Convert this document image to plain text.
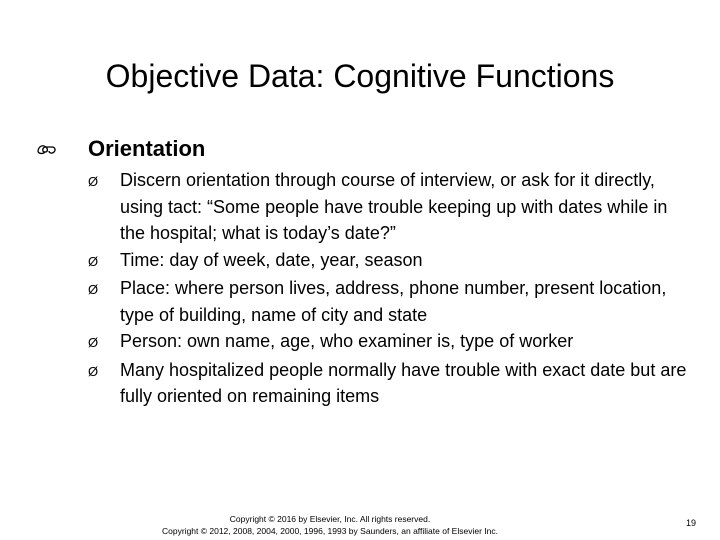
Objective Data: Cognitive Functions
Orientation
Ø	Discern orientation through course of interview, or ask for it directly, using tact: “Some people have trouble keeping up with dates while in the hospital; what is today’s date?”
Ø	Time: day of week, date, year, season
Ø	Place: where person lives, address, phone number, present location, type of building, name of city and state
Ø	Person: own name, age, who examiner is, type of worker
Ø	Many hospitalized people normally have trouble with exact date but are fully oriented on remaining items
Copyright © 2016 by Elsevier, Inc. All rights reserved.
Copyright © 2012, 2008, 2004, 2000, 1996, 1993 by Saunders, an affiliate of Elsevier Inc.
19
